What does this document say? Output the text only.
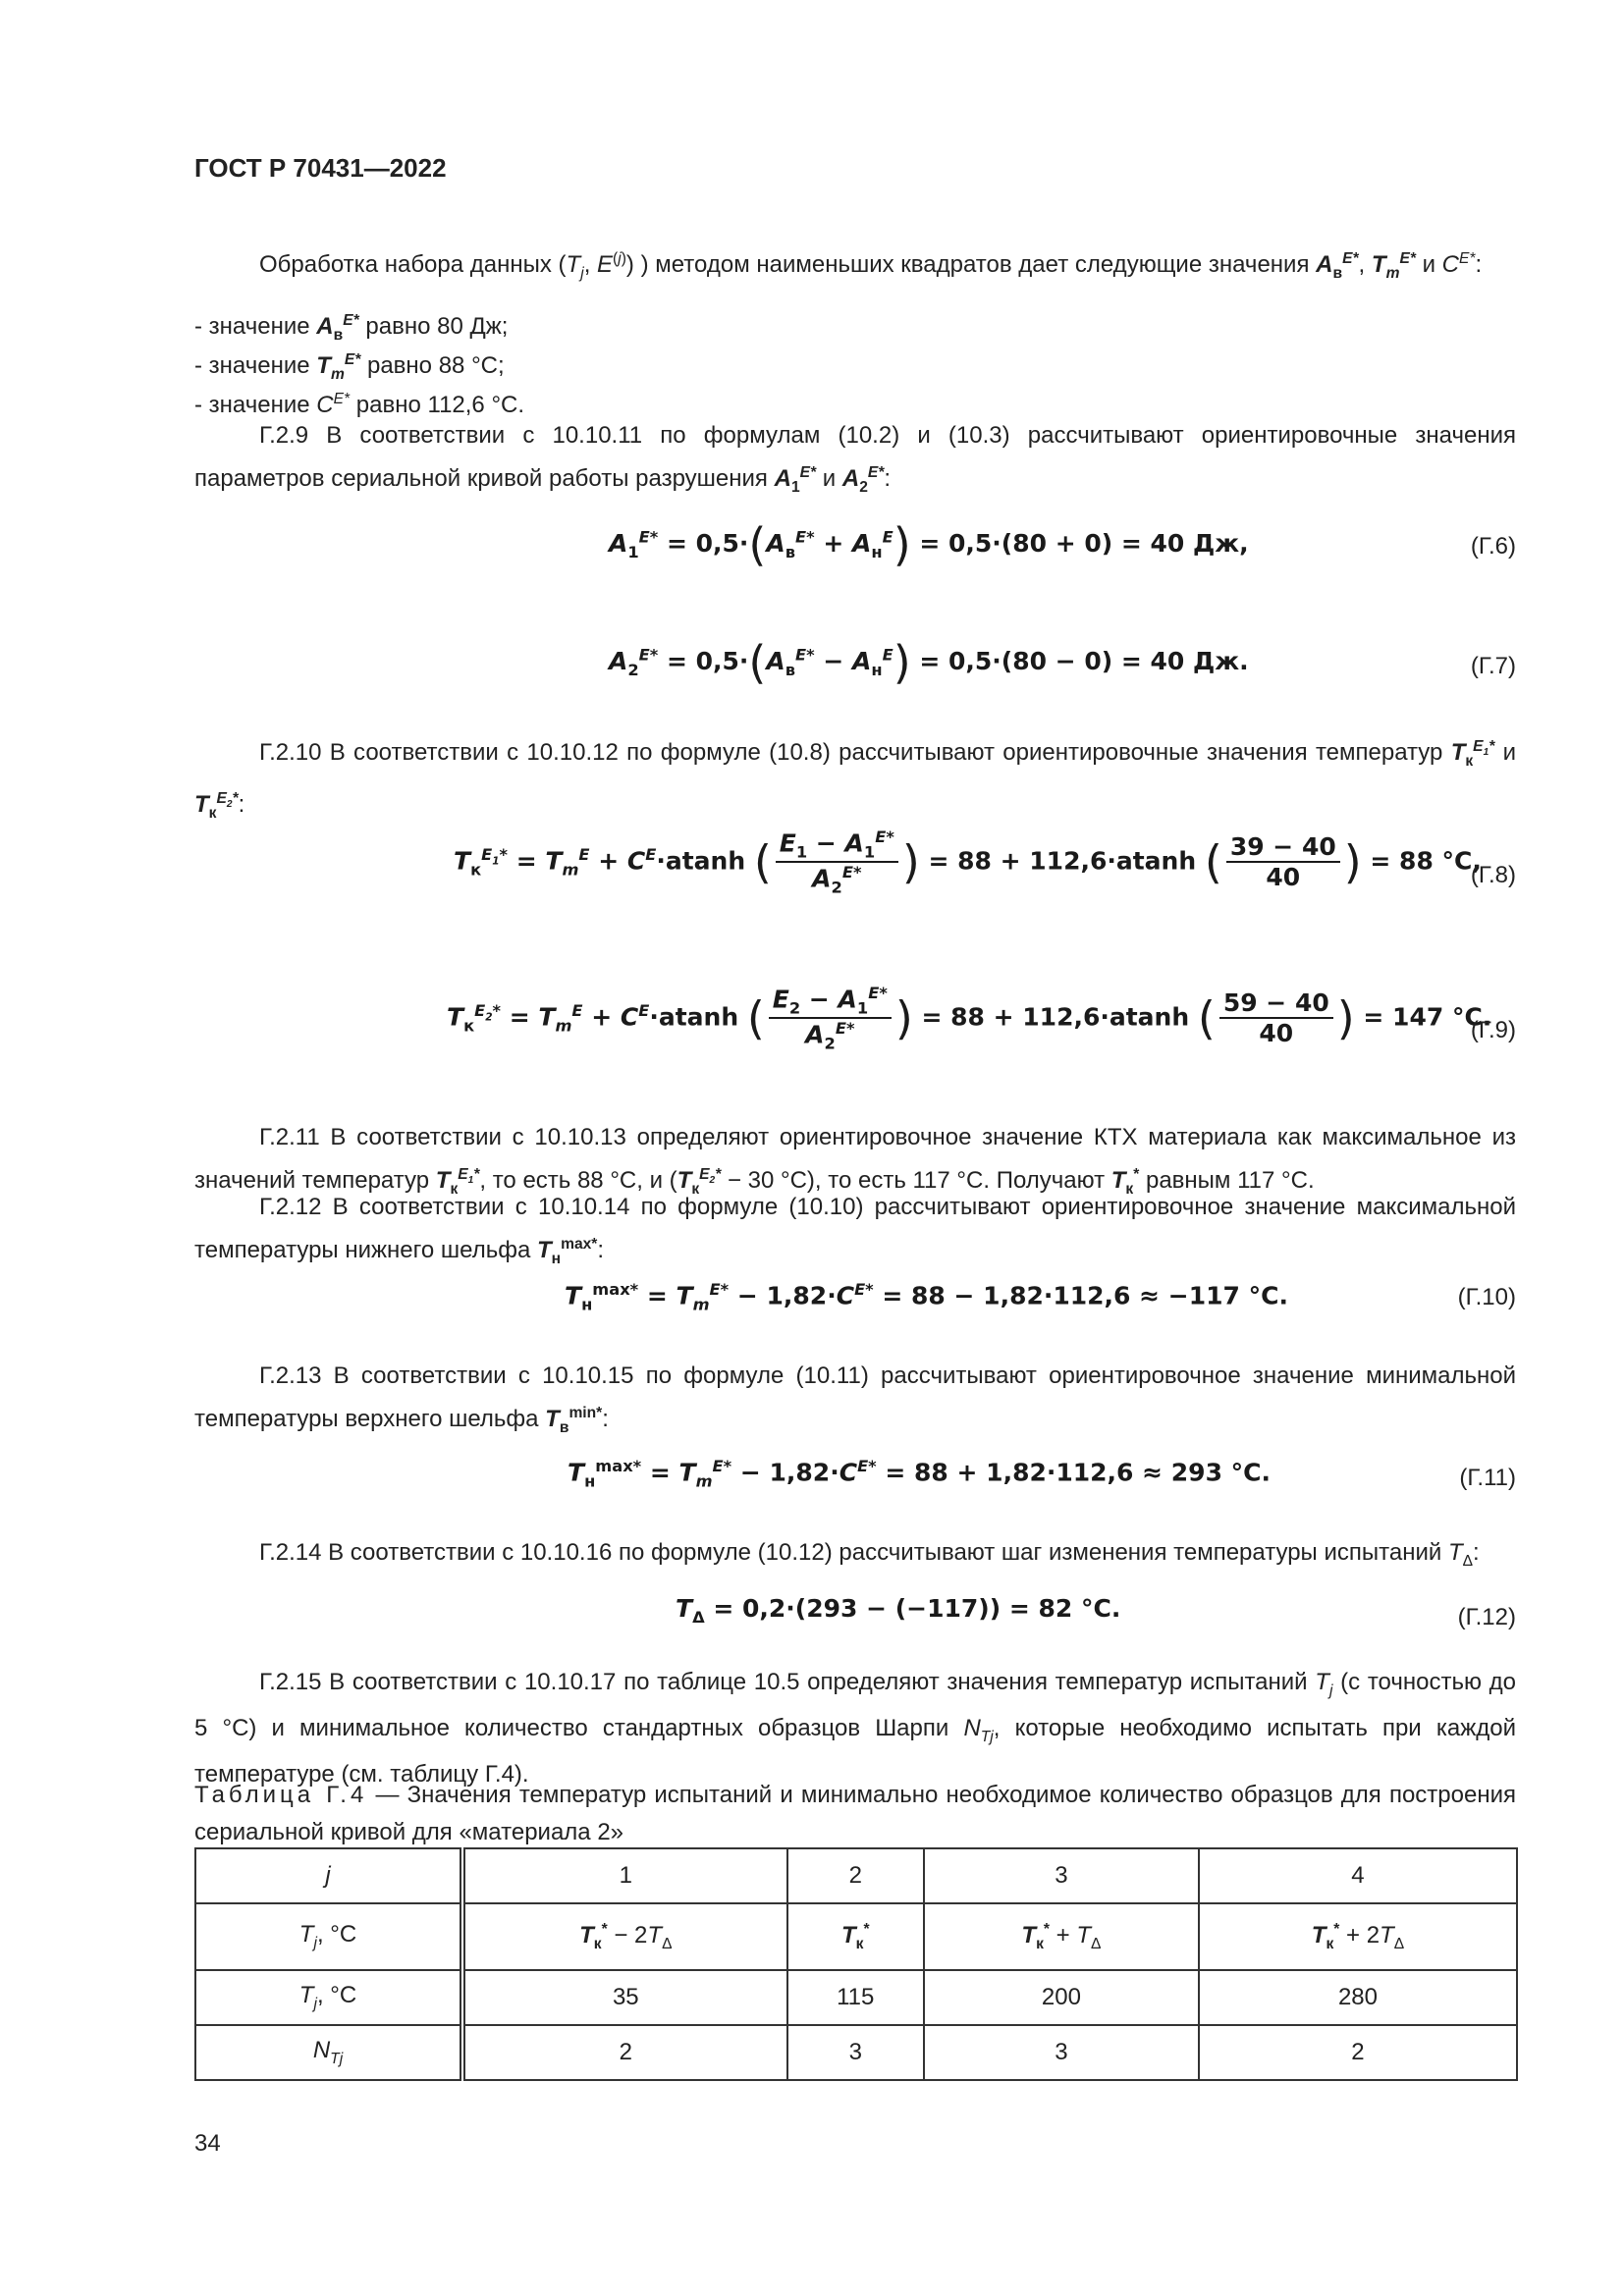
ГОСТ Р 70431—2022
Обработка набора данных ($T_j$, $E^{(j)}$) ) методом наименьших квадратов дает следующие значения $A_в^{E*}$, $T_m^{E*}$ и $C^{E*}$:
- значение $A_в^{E*}$ равно 80 Дж;
- значение $T_m^{E*}$ равно 88 °С;
- значение $C^{E*}$ равно 112,6 °С.
Г.2.9 В соответствии с 10.10.11 по формулам (10.2) и (10.3) рассчитывают ориентировочные значения параметров сериальной кривой работы разрушения $A_1^{E*}$ и $A_2^{E*}$:
$A_1^{E*} = 0,5\cdot(A_в^{E*} + A_н^E) = 0,5\cdot(80 + 0) = 40$ Дж,	(Г.6)
$A_2^{E*} = 0,5\cdot(A_в^{E*} - A_н^E) = 0,5\cdot(80 - 0) = 40$ Дж.	(Г.7)
Г.2.10 В соответствии с 10.10.12 по формуле (10.8) рассчитывают ориентировочные значения температур $T_к^{E_1*}$ и $T_к^{E_2*}$:
$T_к^{E_1*} = T_m^E + C^E\cdot atanh$ ( $\frac{E_1 - A_1^{E*}}{A_2^{E*}}$ ) = 88 + 112,6·atanh ( $\frac{39 - 40}{40}$ ) = 88 °С,
(Г.8)
$T_к^{E_2*} = T_m^E + C^E\cdot atanh$ ( $\frac{E_2 - A_1^{E*}}{A_2^{E*}}$ ) = 88 + 112,6·atanh ( $\frac{59 - 40}{40}$ ) = 147 °С.
(Г.9)
Г.2.11 В соответствии с 10.10.13 определяют ориентировочное значение КТХ материала как максимальное из значений температур $T_к^{E_1*}$, то есть 88 °С, и ($T_к^{E_2*} - 30$ °С), то есть 117 °С. Получают $T_к^*$ равным 117 °С.
Г.2.12 В соответствии с 10.10.14 по формуле (10.10) рассчитывают ориентировочное значение максимальной температуры нижнего шельфа $T_н^{max*}$:
$T_н^{max*} = T_m^{E*} - 1,82\cdot C^{E*} = 88 - 1,82\cdot 112,6 \approx -117$ °С.	(Г.10)
Г.2.13 В соответствии с 10.10.15 по формуле (10.11) рассчитывают ориентировочное значение минимальной температуры верхнего шельфа $T_в^{min*}$:
$T_н^{max*} = T_m^{E*} - 1,82\cdot C^{E*} = 88 + 1,82\cdot 112,6 \approx 293$ °С.	(Г.11)
Г.2.14 В соответствии с 10.10.16 по формуле (10.12) рассчитывают шаг изменения температуры испытаний $T_\Delta$:
$T_\Delta = 0,2\cdot(293 - (-117)) = 82$ °С.	(Г.12)
Г.2.15 В соответствии с 10.10.17 по таблице 10.5 определяют значения температур испытаний $T_j$ (с точностью до 5 °С) и минимальное количество стандартных образцов Шарпи $N_{Tj}$, которые необходимо испытать при каждой температуре (см. таблицу Г.4).
Таблица Г.4 — Значения температур испытаний и минимально необходимое количество образцов для построения сериальной кривой для «материала 2»
j	1	2	3	4
$T_j$, °С	$T_к^* - 2T_\Delta$	$T_к^*$	$T_к^* + T_\Delta$	$T_к^* + 2T_\Delta$
$T_j$, °С	35	115	200	280
$N_{Tj}$	2	3	3	2
34
